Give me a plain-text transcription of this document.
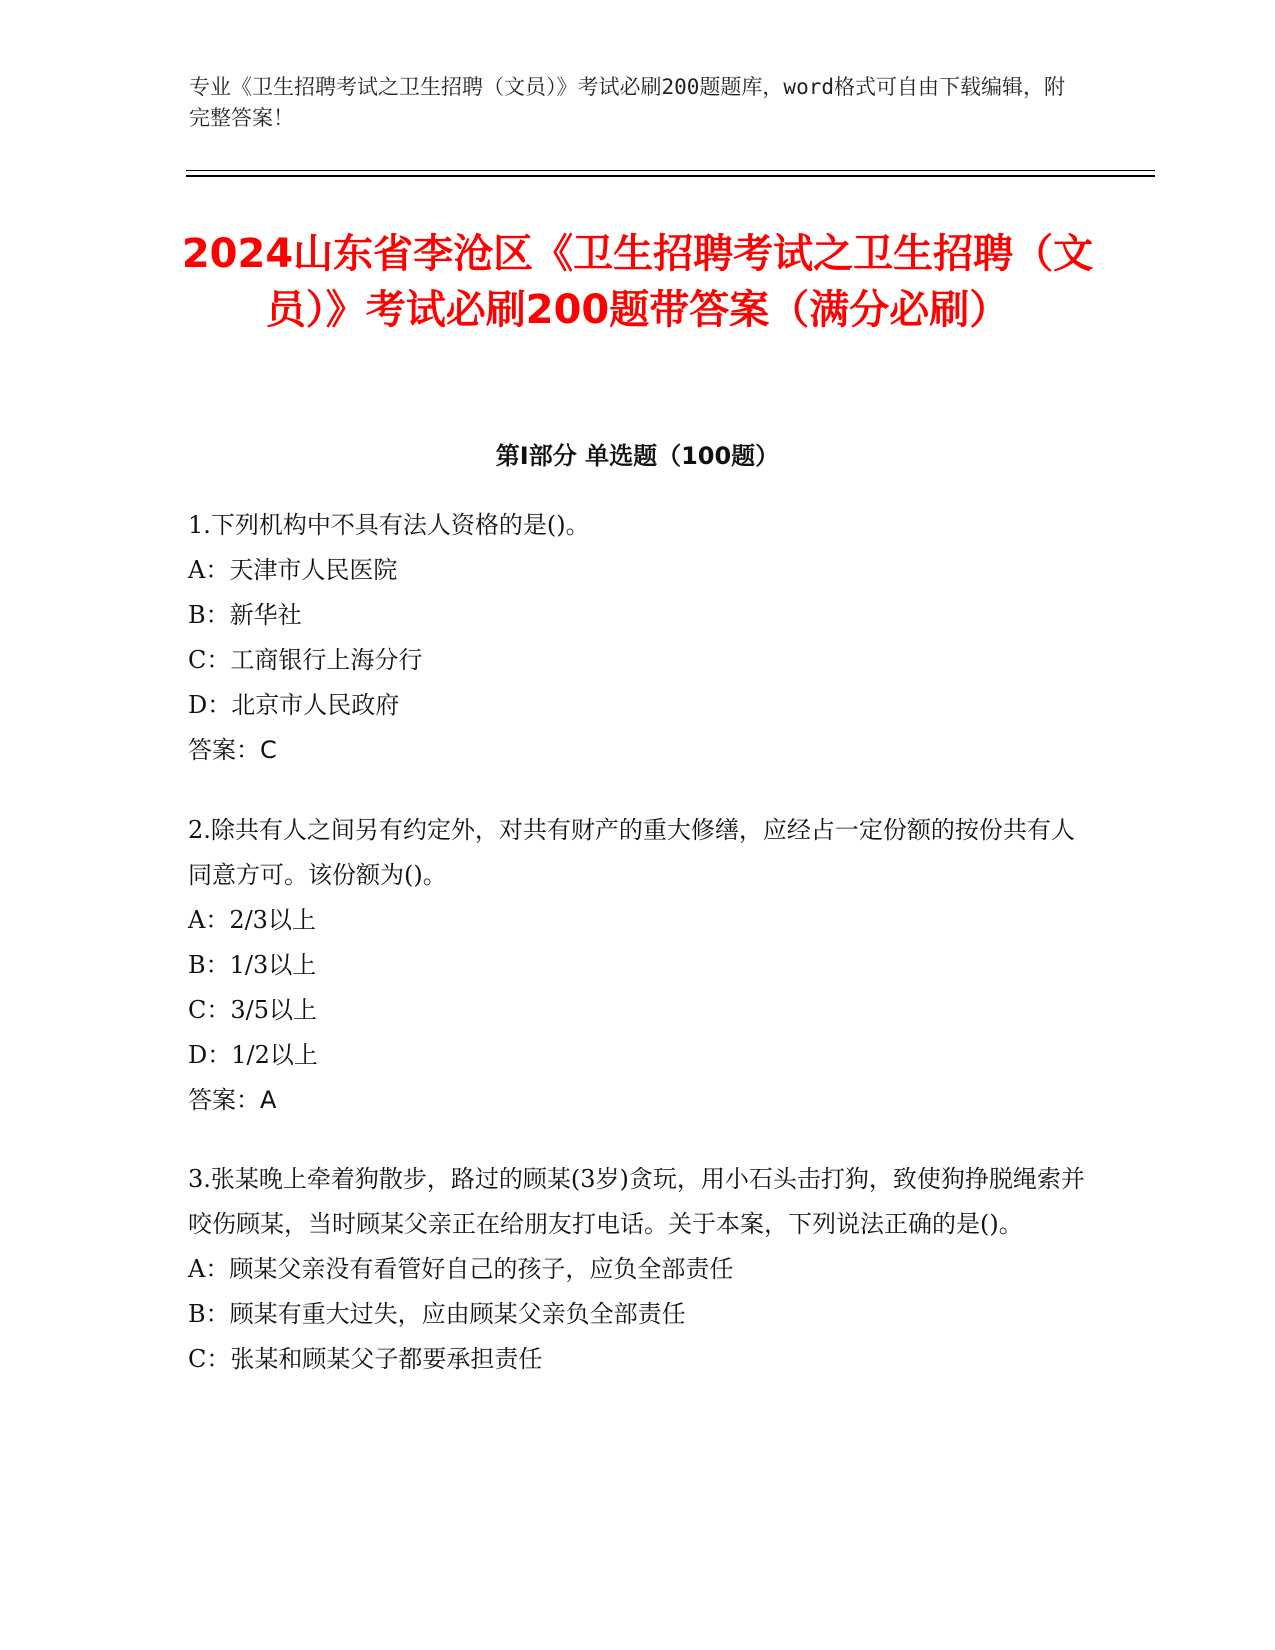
专业《卫生招聘考试之卫生招聘（文员）》考试必刷200题题库，word格式可自由下载编辑，附完整答案！
2024山东省李沧区《卫生招聘考试之卫生招聘（文员）》考试必刷200题带答案（满分必刷）
第Ⅰ部分 单选题（100题）
1.下列机构中不具有法人资格的是()。
A：天津市人民医院
B：新华社
C：工商银行上海分行
D：北京市人民政府
答案：C
2.除共有人之间另有约定外，对共有财产的重大修缮，应经占一定份额的按份共有人同意方可。该份额为()。
A：2/3以上
B：1/3以上
C：3/5以上
D：1/2以上
答案：A
3.张某晚上牵着狗散步，路过的顾某(3岁)贪玩，用小石头击打狗，致使狗挣脱绳索并咬伤顾某，当时顾某父亲正在给朋友打电话。关于本案，下列说法正确的是()。
A：顾某父亲没有看管好自己的孩子，应负全部责任
B：顾某有重大过失，应由顾某父亲负全部责任
C：张某和顾某父子都要承担责任
